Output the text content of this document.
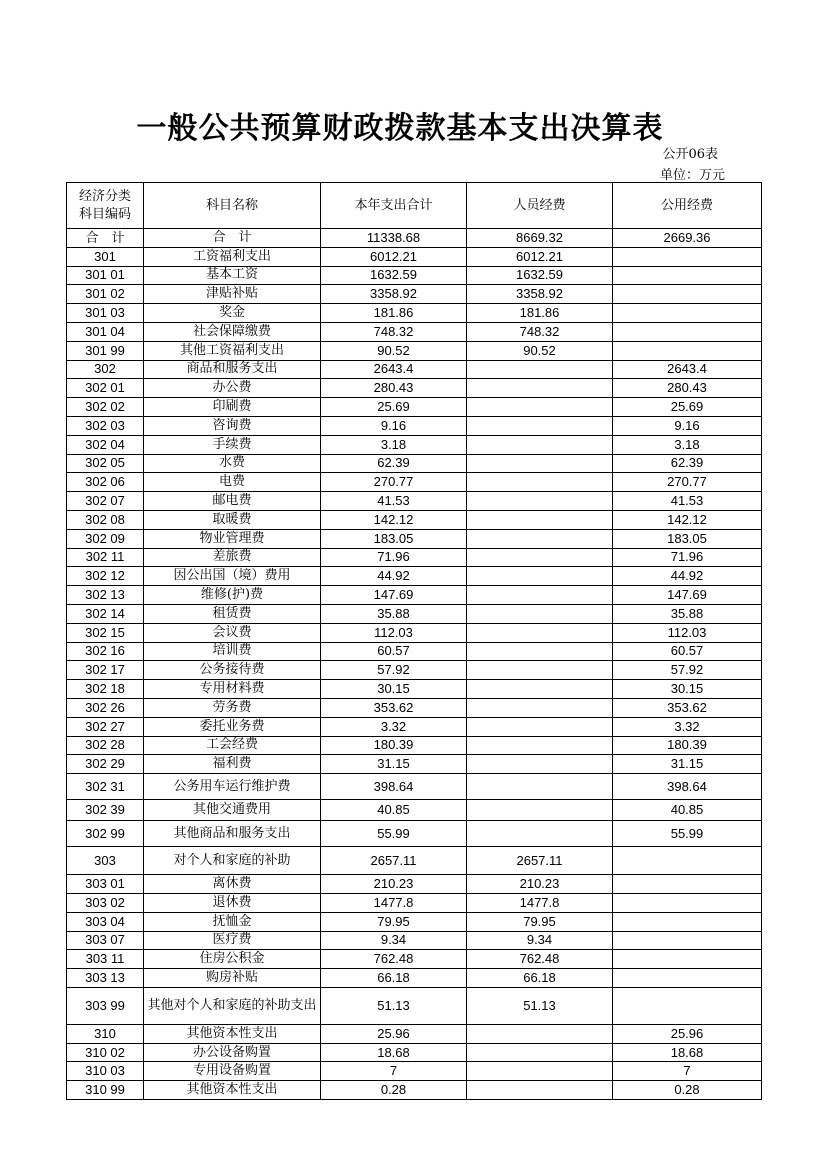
一般公共预算财政拨款基本支出决算表
公开06表
单位：万元
经济分类科目编码	科目名称	本年支出合计	人员经费	公用经费
合　计	合　计	11338.68	8669.32	2669.36
301	工资福利支出	6012.21	6012.21	
301 01	基本工资	1632.59	1632.59	
301 02	津贴补贴	3358.92	3358.92	
301 03	奖金	181.86	181.86	
301 04	社会保障缴费	748.32	748.32	
301 99	其他工资福利支出	90.52	90.52	
302	商品和服务支出	2643.4		2643.4
302 01	办公费	280.43		280.43
302 02	印刷费	25.69		25.69
302 03	咨询费	9.16		9.16
302 04	手续费	3.18		3.18
302 05	水费	62.39		62.39
302 06	电费	270.77		270.77
302 07	邮电费	41.53		41.53
302 08	取暖费	142.12		142.12
302 09	物业管理费	183.05		183.05
302 11	差旅费	71.96		71.96
302 12	因公出国（境）费用	44.92		44.92
302 13	维修(护)费	147.69		147.69
302 14	租赁费	35.88		35.88
302 15	会议费	112.03		112.03
302 16	培训费	60.57		60.57
302 17	公务接待费	57.92		57.92
302 18	专用材料费	30.15		30.15
302 26	劳务费	353.62		353.62
302 27	委托业务费	3.32		3.32
302 28	工会经费	180.39		180.39
302 29	福利费	31.15		31.15
302 31	公务用车运行维护费	398.64		398.64
302 39	其他交通费用	40.85		40.85
302 99	其他商品和服务支出	55.99		55.99
303	对个人和家庭的补助	2657.11	2657.11	
303 01	离休费	210.23	210.23	
303 02	退休费	1477.8	1477.8	
303 04	抚恤金	79.95	79.95	
303 07	医疗费	9.34	9.34	
303 11	住房公积金	762.48	762.48	
303 13	购房补贴	66.18	66.18	
303 99	其他对个人和家庭的补助支出	51.13	51.13	
310	其他资本性支出	25.96		25.96
310 02	办公设备购置	18.68		18.68
310 03	专用设备购置	7		7
310 99	其他资本性支出	0.28		0.28
